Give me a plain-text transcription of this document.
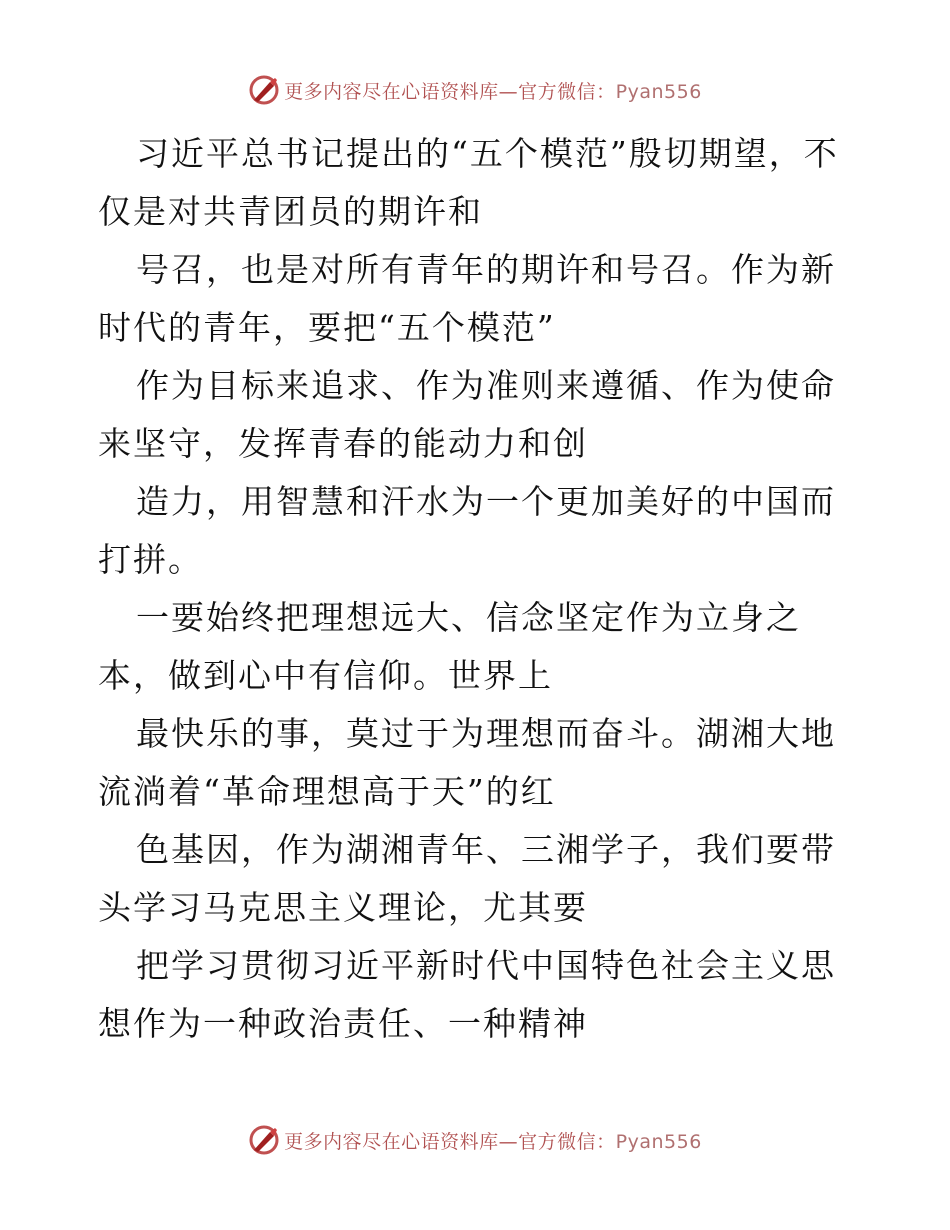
更多内容尽在心语资料库—官方微信：Pyan556

习近平总书记提出的“五个模范”殷切期望，不仅是对共青团员的期许和

号召，也是对所有青年的期许和号召。作为新时代的青年，要把“五个模范”

作为目标来追求、作为准则来遵循、作为使命来坚守，发挥青春的能动力和创

造力，用智慧和汗水为一个更加美好的中国而打拼。

一要始终把理想远大、信念坚定作为立身之本，做到心中有信仰。世界上

最快乐的事，莫过于为理想而奋斗。湖湘大地流淌着“革命理想高于天”的红

色基因，作为湖湘青年、三湘学子，我们要带头学习马克思主义理论，尤其要

把学习贯彻习近平新时代中国特色社会主义思想作为一种政治责任、一种精神

更多内容尽在心语资料库—官方微信：Pyan556
